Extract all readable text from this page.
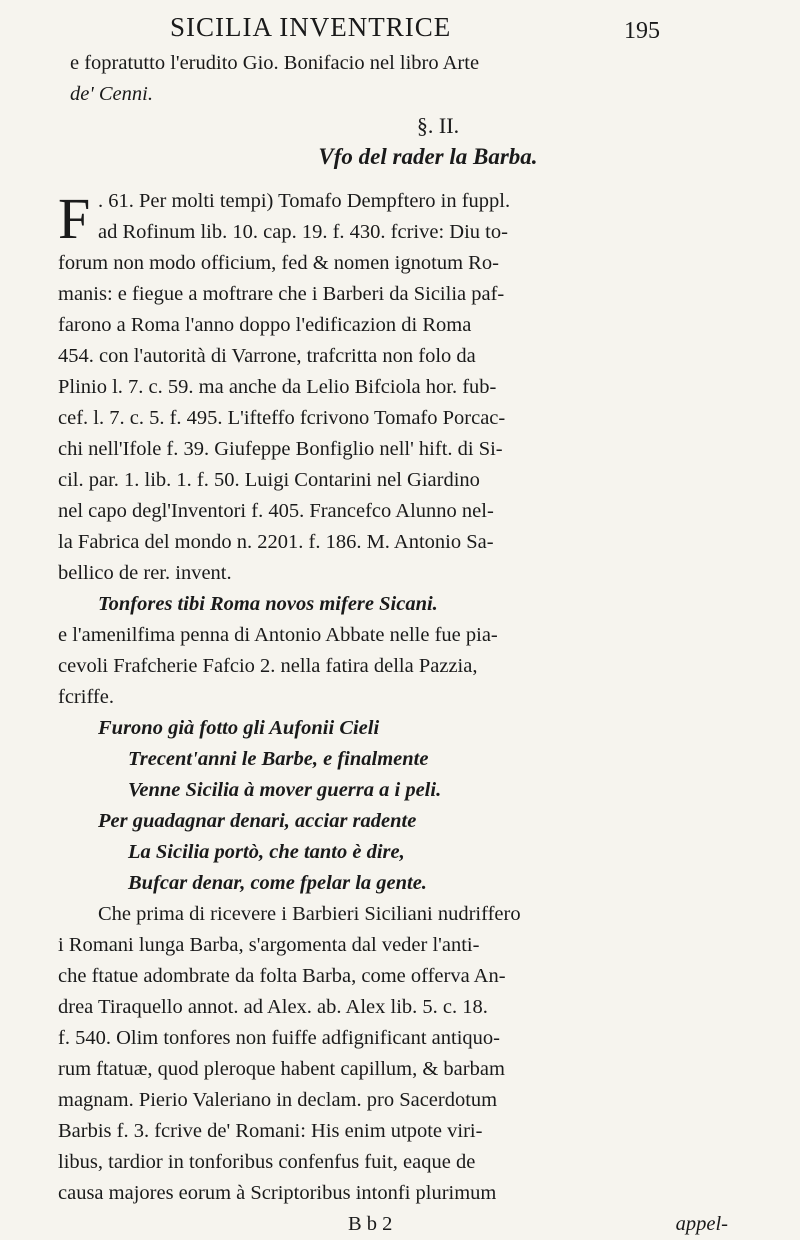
SICILIA INVENTRICE	195
e fopratutto l'erudito Gio. Bonifacio nel libro Arte
de' Cenni.
§. II.
Vfo del rader la Barba.
F . 61. Per molti tempi) Tomafo Dempftero in fuppl.
ad Rofinum lib. 10. cap. 19. f. 430. fcrive: Diu to-
forum non modo officium, fed & nomen ignotum Ro-
manis: e fiegue a moftrare che i Barberi da Sicilia paf-
farono a Roma l'anno doppo l'edificazion di Roma
454. con l'autorità di Varrone, trafcritta non folo da
Plinio l. 7. c. 59. ma anche da Lelio Bifciola hor. fub-
cef. l. 7. c. 5. f. 495. L'ifteffo fcrivono Tomafo Porcac-
chi nell'Ifole f. 39. Giufeppe Bonfiglio nell' hift. di Si-
cil. par. 1. lib. 1. f. 50. Luigi Contarini nel Giardino
nel capo degl'Inventori f. 405. Francefco Alunno nel-
la Fabrica del mondo n. 2201. f. 186. M. Antonio Sa-
bellico de rer. invent.
Tonfores tibi Roma novos mifere Sicani.
e l'amenilfima penna di Antonio Abbate nelle fue pia-
cevoli Frafcherie Fafcio 2. nella fatira della Pazzia,
fcriffe.
Furono già fotto gli Aufonii Cieli
Trecent'anni le Barbe, e finalmente
Venne Sicilia à mover guerra a i peli.
Per guadagnar denari, acciar radente
La Sicilia portò, che tanto è dire,
Bufcar denar, come fpelar la gente.
Che prima di ricevere i Barbieri Siciliani nudriffero
i Romani lunga Barba, s'argomenta dal veder l'anti-
che ftatue adombrate da folta Barba, come offerva An-
drea Tiraquello annot. ad Alex. ab. Alex lib. 5. c. 18.
f. 540. Olim tonfores non fuiffe adfignificant antiquo-
rum ftatuæ, quod pleroque habent capillum, & barbam
magnam. Pierio Valeriano in declam. pro Sacerdotum
Barbis f. 3. fcrive de' Romani: His enim utpote viri-
libus, tardior in tonforibus confenfus fuit, eaque de
causa majores eorum à Scriptoribus intonfi plurimum
B b 2	appel-
